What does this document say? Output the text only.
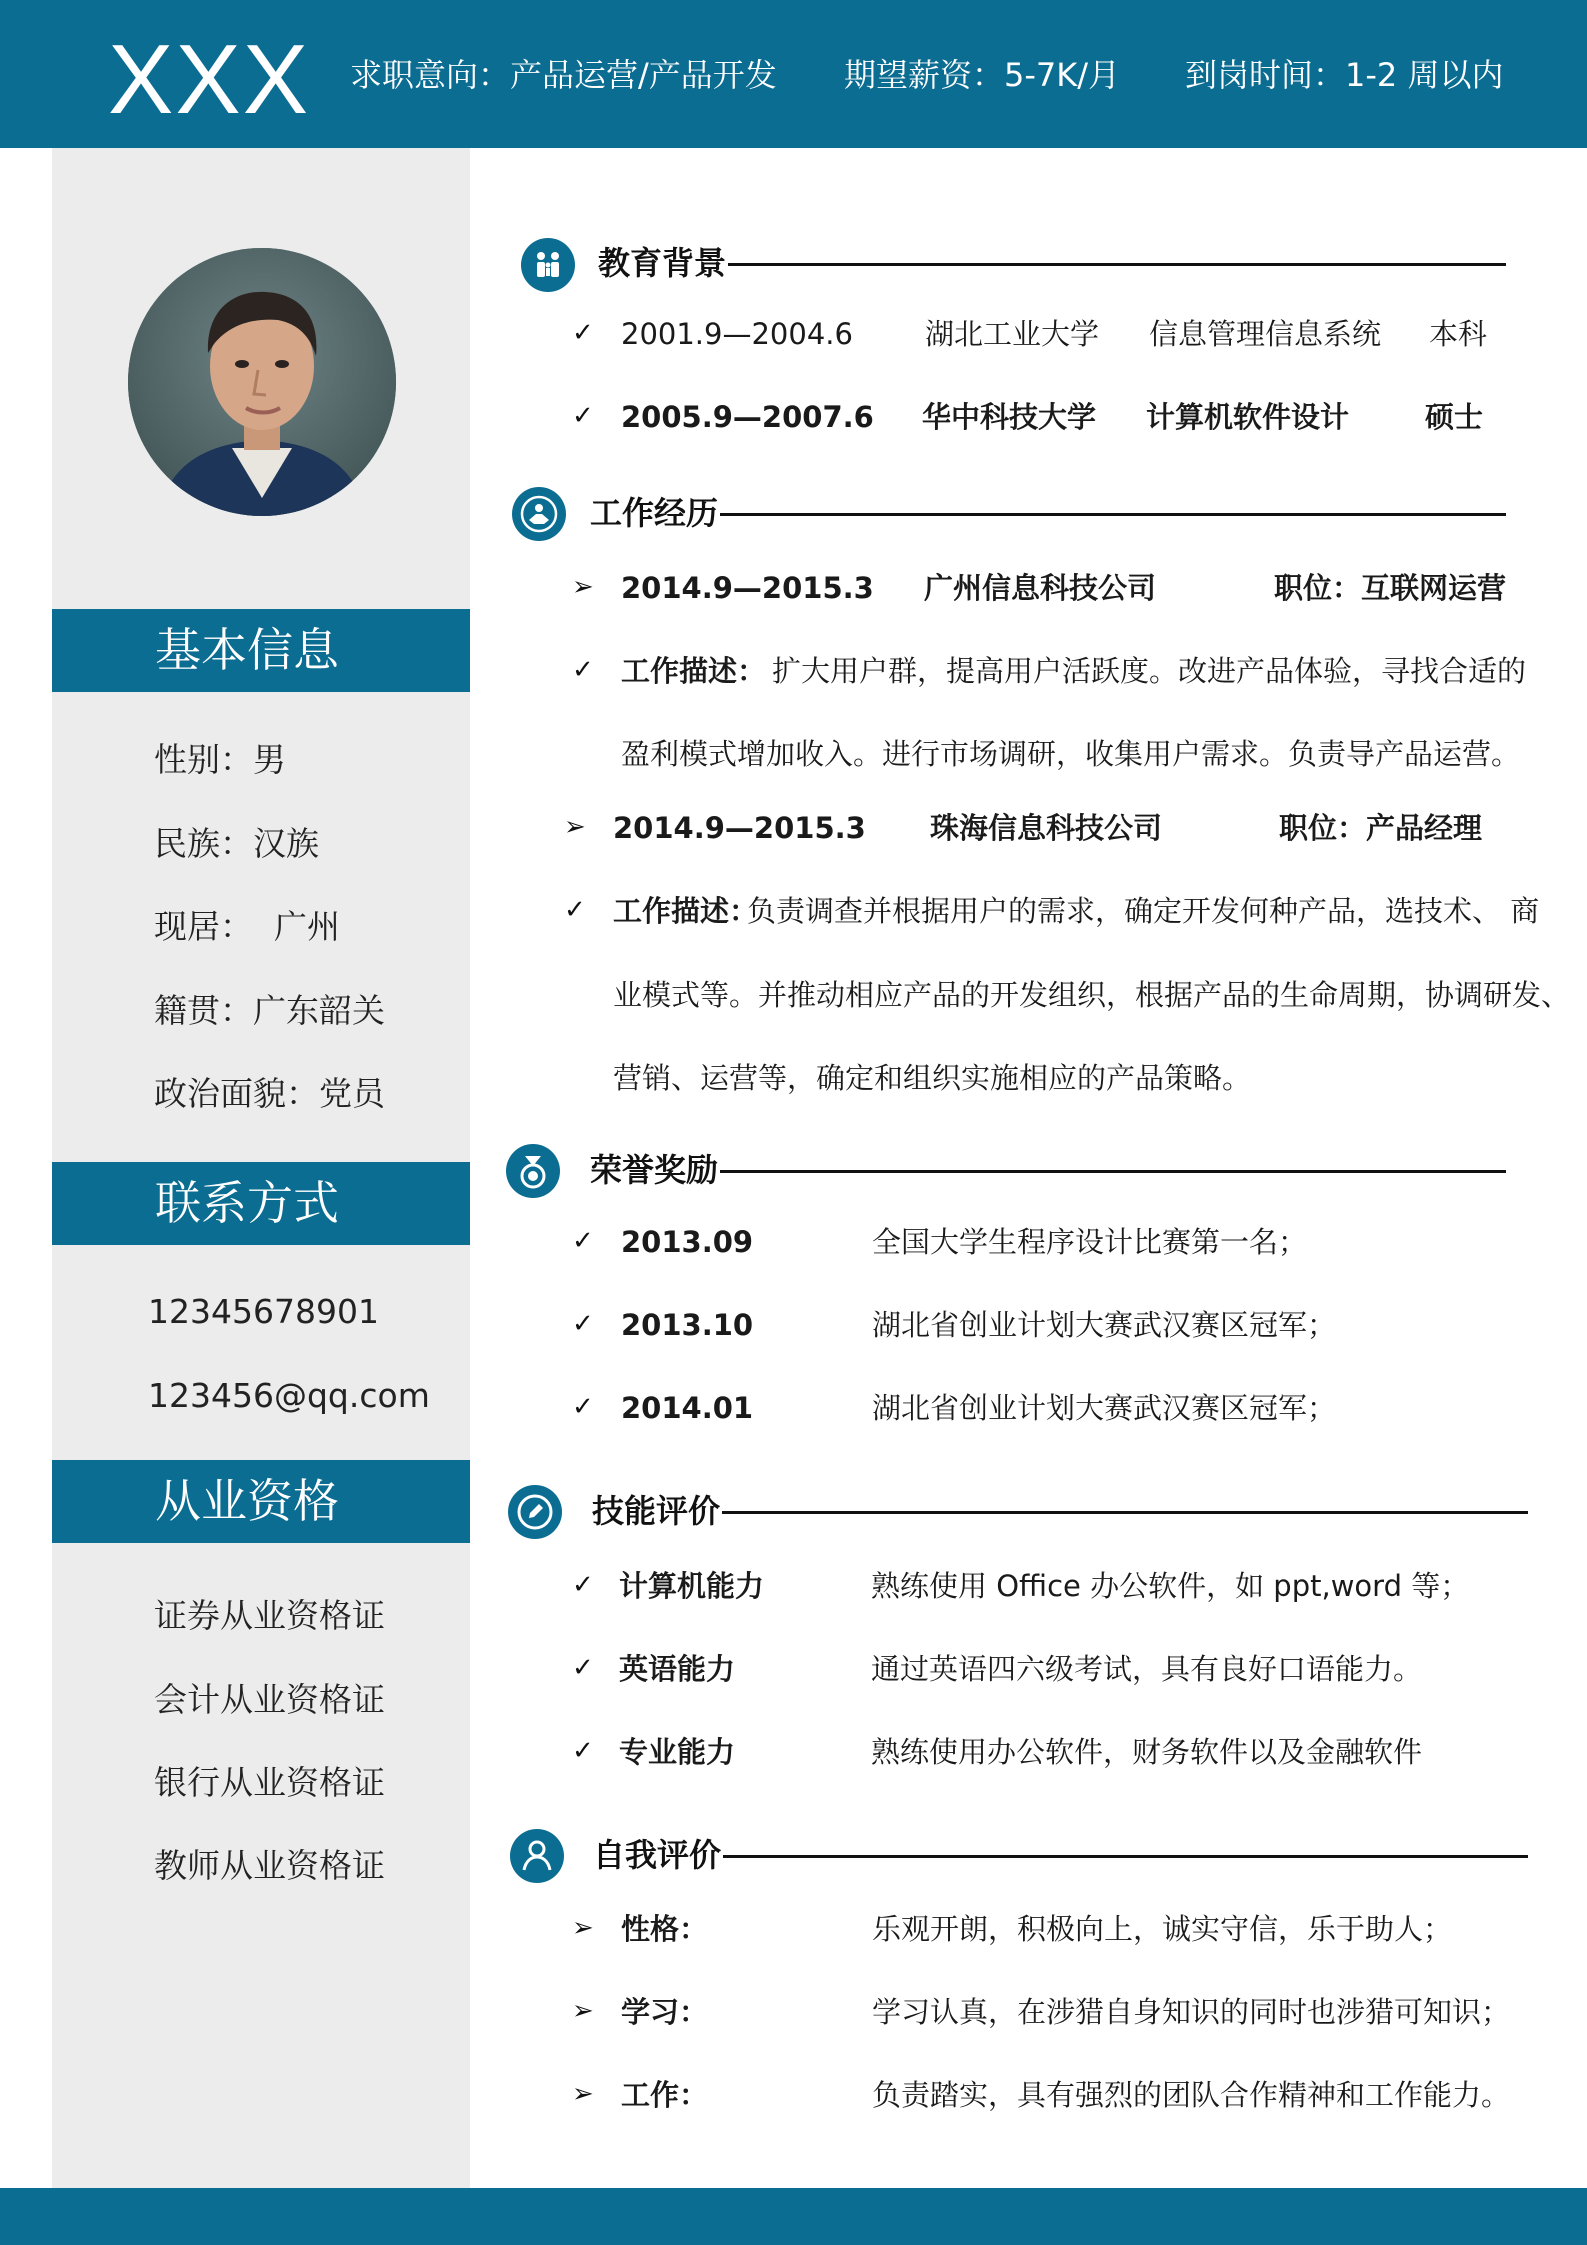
XXX 求职意向：产品运营/产品开发 期望薪资：5-7K/月 到岗时间：1-2 周以内
基本信息
性别：男
民族：汉族
现居：  广州
籍贯：广东韶关
政治面貌：党员
联系方式
12345678901
123456@qq.com
从业资格
证券从业资格证
会计从业资格证
银行从业资格证
教师从业资格证
教育背景
✓ 2001.9—2004.6 湖北工业大学 信息管理信息系统 本科
✓ 2005.9—2007.6 华中科技大学 计算机软件设计	硕士
工作经历
➢ 2014.9—2015.3 广州信息科技公司	职位：互联网运营
✓ 工作描述： 扩大用户群，提高用户活跃度。改进产品体验，寻找合适的
盈利模式增加收入。进行市场调研，收集用户需求。负责导产品运营。
➢ 2014.9—2015.3 珠海信息科技公司	职位：产品经理
✓ 工作描述：
负责调查并根据用户的需求，确定开发何种产品，选技术、 商
业模式等。并推动相应产品的开发组织，根据产品的生命周期，协调研发、
营销、运营等，确定和组织实施相应的产品策略。
荣誉奖励
✓ 2013.09	全国大学生程序设计比赛第一名；
✓ 2013.10	湖北省创业计划大赛武汉赛区冠军；
✓ 2014.01	湖北省创业计划大赛武汉赛区冠军；
技能评价
✓ 计算机能力	熟练使用 Office 办公软件，如 ppt,word 等；
✓ 英语能力	通过英语四六级考试，具有良好口语能力。
✓ 专业能力	熟练使用办公软件，财务软件以及金融软件
自我评价
➢ 性格：	乐观开朗，积极向上，诚实守信，乐于助人；
➢ 学习：	学习认真，在涉猎自身知识的同时也涉猎可知识；
➢ 工作：	负责踏实，具有强烈的团队合作精神和工作能力。
